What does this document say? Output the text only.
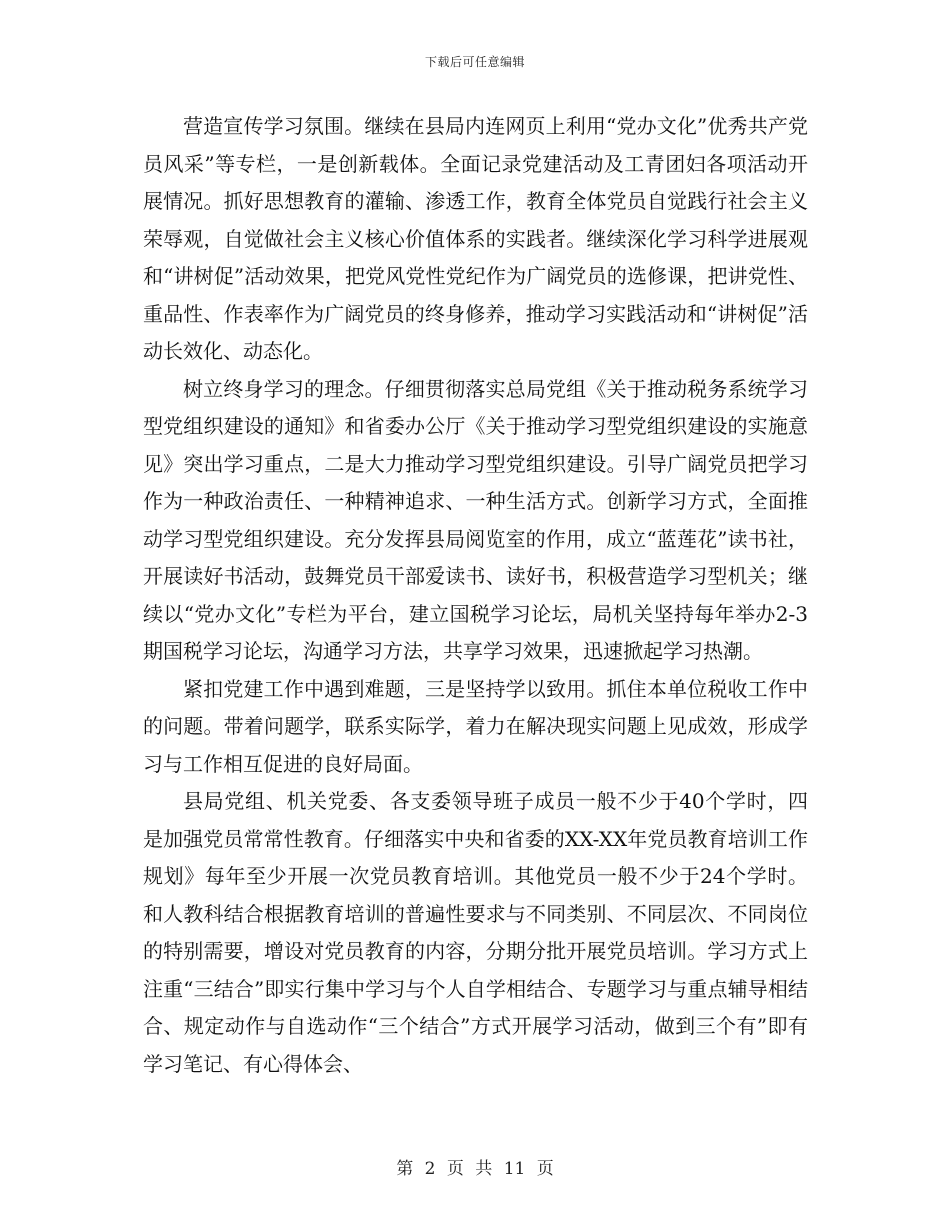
下载后可任意编辑

营造宣传学习氛围。继续在县局内连网页上利用“党办文化”优秀共产党员风采”等专栏，一是创新载体。全面记录党建活动及工青团妇各项活动开展情况。抓好思想教育的灌输、渗透工作，教育全体党员自觉践行社会主义荣辱观，自觉做社会主义核心价值体系的实践者。继续深化学习科学进展观和“讲树促”活动效果，把党风党性党纪作为广阔党员的选修课，把讲党性、重品性、作表率作为广阔党员的终身修养，推动学习实践活动和“讲树促”活动长效化、动态化。

树立终身学习的理念。仔细贯彻落实总局党组《关于推动税务系统学习型党组织建设的通知》和省委办公厅《关于推动学习型党组织建设的实施意见》突出学习重点，二是大力推动学习型党组织建设。引导广阔党员把学习作为一种政治责任、一种精神追求、一种生活方式。创新学习方式，全面推动学习型党组织建设。充分发挥县局阅览室的作用，成立“蓝莲花”读书社，开展读好书活动，鼓舞党员干部爱读书、读好书，积极营造学习型机关；继续以“党办文化”专栏为平台，建立国税学习论坛，局机关坚持每年举办2-3期国税学习论坛，沟通学习方法，共享学习效果，迅速掀起学习热潮。

紧扣党建工作中遇到难题，三是坚持学以致用。抓住本单位税收工作中的问题。带着问题学，联系实际学，着力在解决现实问题上见成效，形成学习与工作相互促进的良好局面。

县局党组、机关党委、各支委领导班子成员一般不少于40个学时，四是加强党员常常性教育。仔细落实中央和省委的XX-XX年党员教育培训工作规划》每年至少开展一次党员教育培训。其他党员一般不少于24个学时。和人教科结合根据教育培训的普遍性要求与不同类别、不同层次、不同岗位的特别需要，增设对党员教育的内容，分期分批开展党员培训。学习方式上注重“三结合”即实行集中学习与个人自学相结合、专题学习与重点辅导相结合、规定动作与自选动作“三个结合”方式开展学习活动，做到三个有”即有学习笔记、有心得体会、

第 2 页 共 11 页
